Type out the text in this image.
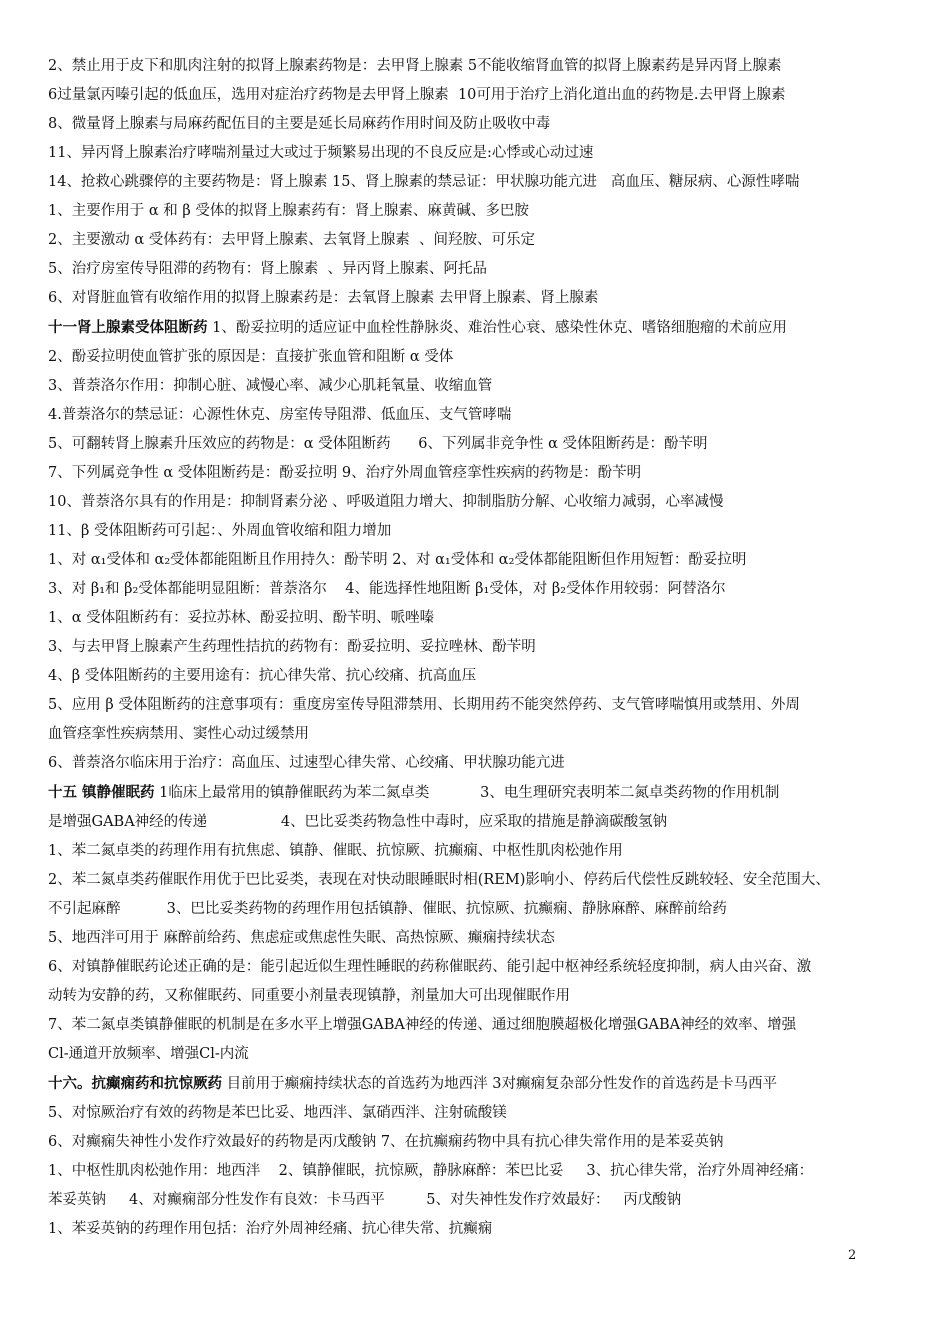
2、禁止用于皮下和肌肉注射的拟肾上腺素药物是：去甲肾上腺素 5不能收缩肾血管的拟肾上腺素药是异丙肾上腺素
6过量氯丙嗪引起的低血压，选用对症治疗药物是去甲肾上腺素  10可用于治疗上消化道出血的药物是.去甲肾上腺素
8、微量肾上腺素与局麻药配伍目的主要是延长局麻药作用时间及防止吸收中毒
11、异丙肾上腺素治疗哮喘剂量过大或过于频繁易出现的不良反应是:心悸或心动过速
14、抢救心跳骤停的主要药物是：肾上腺素 15、肾上腺素的禁忌证：甲状腺功能亢进   高血压、糖尿病、心源性哮喘
1、主要作用于 α 和 β 受体的拟肾上腺素药有：肾上腺素、麻黄碱、多巴胺
2、主要激动 α 受体药有：去甲肾上腺素、去氧肾上腺素  、间羟胺、可乐定
5、治疗房室传导阻滞的药物有：肾上腺素  、异丙肾上腺素、阿托品
6、对肾脏血管有收缩作用的拟肾上腺素药是：去氧肾上腺素 去甲肾上腺素、肾上腺素
十一肾上腺素受体阻断药 1、酚妥拉明的适应证中血栓性静脉炎、难治性心衰、感染性休克、嗜铬细胞瘤的术前应用
2、酚妥拉明使血管扩张的原因是：直接扩张血管和阻断 α 受体
3、普萘洛尔作用：抑制心脏、减慢心率、减少心肌耗氧量、收缩血管
4.普萘洛尔的禁忌证：心源性休克、房室传导阻滞、低血压、支气管哮喘
5、可翻转肾上腺素升压效应的药物是：α 受体阻断药      6、下列属非竞争性 α 受体阻断药是：酚苄明
7、下列属竞争性 α 受体阻断药是：酚妥拉明 9、治疗外周血管痉挛性疾病的药物是：酚苄明
10、普萘洛尔具有的作用是：抑制肾素分泌 、呼吸道阻力增大、抑制脂肪分解、心收缩力减弱，心率减慢
11、β 受体阻断药可引起：、外周血管收缩和阻力增加
1、对 α₁受体和 α₂受体都能阻断且作用持久：酚苄明 2、对 α₁受体和 α₂受体都能阻断但作用短暂：酚妥拉明
3、对 β₁和 β₂受体都能明显阻断：普萘洛尔    4、能选择性地阻断 β₁受体，对 β₂受体作用较弱：阿替洛尔
1、α 受体阻断药有：妥拉苏林、酚妥拉明、酚苄明、哌唑嗪
3、与去甲肾上腺素产生药理性拮抗的药物有：酚妥拉明、妥拉唑林、酚苄明
4、β 受体阻断药的主要用途有：抗心律失常、抗心绞痛、抗高血压
5、应用 β 受体阻断药的注意事项有：重度房室传导阻滞禁用、长期用药不能突然停药、支气管哮喘慎用或禁用、外周
血管痉挛性疾病禁用、窦性心动过缓禁用
6、普萘洛尔临床用于治疗：高血压、过速型心律失常、心绞痛、甲状腺功能亢进
十五 镇静催眠药 1临床上最常用的镇静催眠药为苯二氮卓类           3、电生理研究表明苯二氮卓类药物的作用机制
是增强GABA神经的传递                4、巴比妥类药物急性中毒时，应采取的措施是静滴碳酸氢钠
1、苯二氮卓类的药理作用有抗焦虑、镇静、催眠、抗惊厥、抗癫痫、中枢性肌肉松弛作用
2、苯二氮卓类药催眠作用优于巴比妥类，表现在对快动眼睡眠时相(REM)影响小、停药后代偿性反跳较轻、安全范围大、
不引起麻醉          3、巴比妥类药物的药理作用包括镇静、催眠、抗惊厥、抗癫痫、静脉麻醉、麻醉前给药
5、地西泮可用于 麻醉前给药、焦虑症或焦虑性失眠、高热惊厥、癫痫持续状态
6、对镇静催眠药论述正确的是：能引起近似生理性睡眠的药称催眠药、能引起中枢神经系统轻度抑制，病人由兴奋、激
动转为安静的药，又称催眠药、同重要小剂量表现镇静，剂量加大可出现催眠作用
7、苯二氮卓类镇静催眠的机制是在多水平上增强GABA神经的传递、通过细胞膜超极化增强GABA神经的效率、增强
Cl-通道开放频率、增强Cl-内流
十六。抗癫痫药和抗惊厥药 目前用于癫痫持续状态的首选药为地西泮 3对癫痫复杂部分性发作的首选药是卡马西平
5、对惊厥治疗有效的药物是苯巴比妥、地西泮、氯硝西泮、注射硫酸镁
6、对癫痫失神性小发作疗效最好的药物是丙戊酸钠 7、在抗癫痫药物中具有抗心律失常作用的是苯妥英钠
1、中枢性肌肉松弛作用：地西泮    2、镇静催眠，抗惊厥，静脉麻醉：苯巴比妥     3、抗心律失常，治疗外周神经痛：
苯妥英钠     4、对癫痫部分性发作有良效：卡马西平         5、对失神性发作疗效最好：   丙戊酸钠
1、苯妥英钠的药理作用包括：治疗外周神经痛、抗心律失常、抗癫痫
2
